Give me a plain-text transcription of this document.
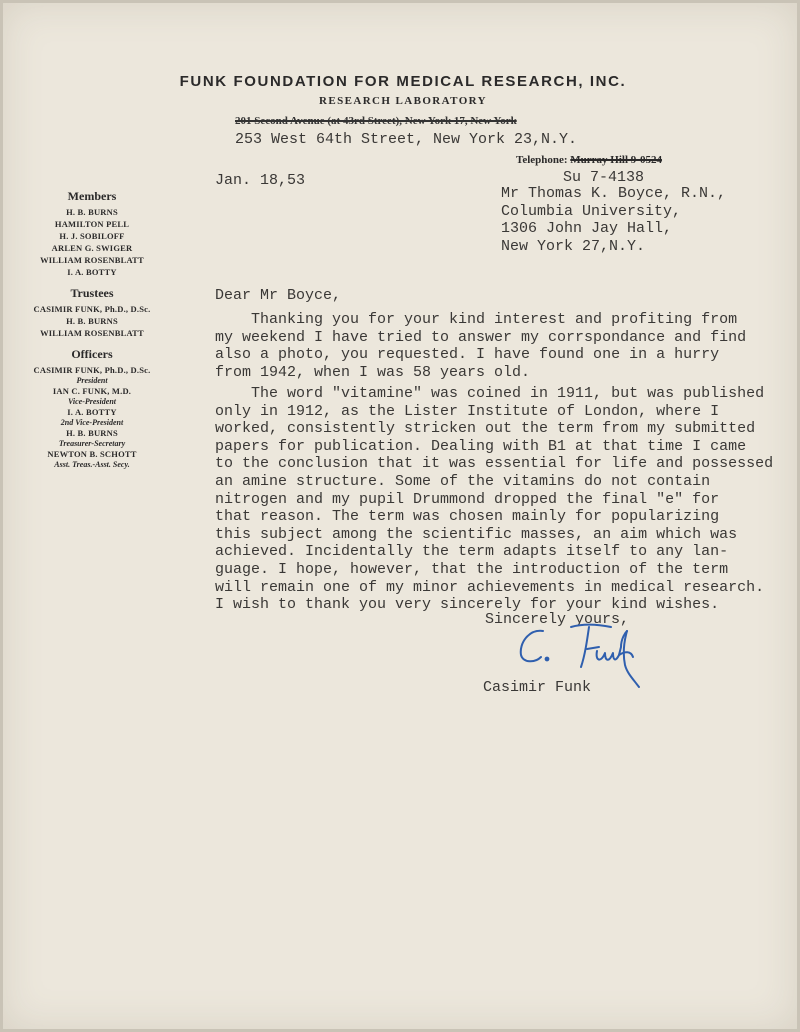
FUNK FOUNDATION FOR MEDICAL RESEARCH, INC.
RESEARCH LABORATORY
201 Second Avenue (at 43rd Street), New York 17, New York
253 West 64th Street, New York 23,N.Y.
Telephone: Murray Hill 9-0524
Su 7-4138
Jan. 18,53
Mr Thomas K. Boyce, R.N.,
Columbia University,
1306 John Jay Hall,
New York 27,N.Y.
Members
H. B. BURNS
HAMILTON PELL
H. J. SOBILOFF
ARLEN G. SWIGER
WILLIAM ROSENBLATT
I. A. BOTTY
Trustees
CASIMIR FUNK, Ph.D., D.Sc.
H. B. BURNS
WILLIAM ROSENBLATT
Officers
CASIMIR FUNK, Ph.D., D.Sc.
President
IAN C. FUNK, M.D.
Vice-President
I. A. BOTTY
2nd Vice-President
H. B. BURNS
Treasurer-Secretary
NEWTON B. SCHOTT
Asst. Treas.-Asst. Secy.
Dear Mr Boyce,
Thanking you for your kind interest and profiting from
my weekend I have tried to answer my corrspondance and find
also a photo, you requested. I have found one in a hurry
from 1942, when I was 58 years old.
The word "vitamine" was coined in 1911, but was published
only in 1912, as the Lister Institute of London, where I
worked, consistently stricken out the term from my submitted
papers for publication. Dealing with B1 at that time I came
to the conclusion that it was essential for life and possessed
an amine structure. Some of the vitamins do not contain
nitrogen and my pupil Drummond dropped the final "e" for
that reason. The term was chosen mainly for popularizing
this subject among the scientific masses, an aim which was
achieved. Incidentally the term adapts itself to any lan-
guage. I hope, however, that the introduction of the term
will remain one of my minor achievements in medical research.
I wish to thank you very sincerely for your kind wishes.
Sincerely yours,
Casimir Funk
